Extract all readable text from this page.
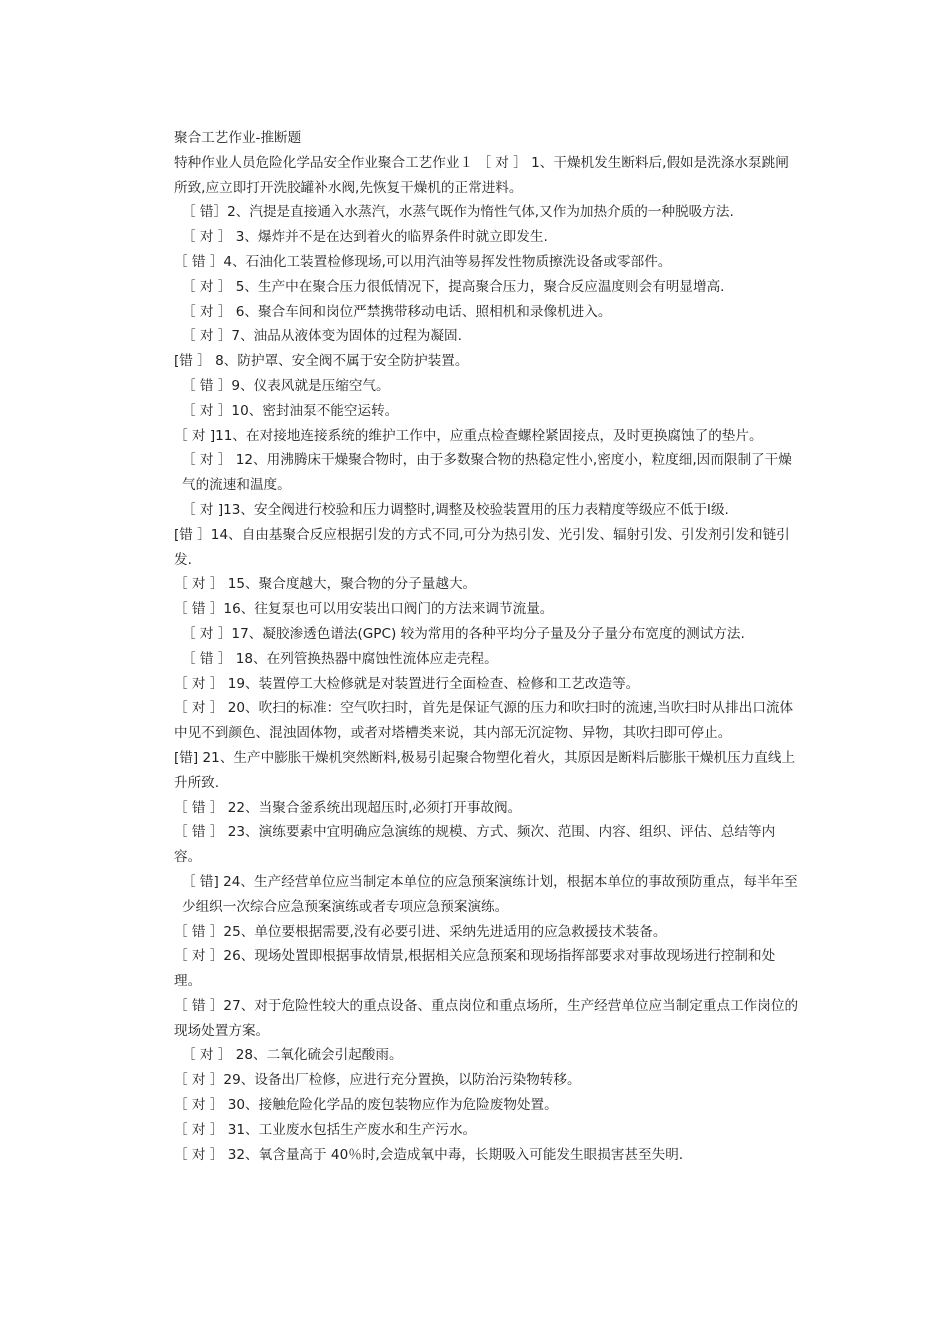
聚合工艺作业-推断题
特种作业人员危险化学品安全作业聚合工艺作业１ ［ 对 ］ 1、干燥机发生断料后,假如是洗涤水泵跳闸所致,应立即打开洗胶罐补水阀,先恢复干燥机的正常进料。
［ 错］2、汽提是直接通入水蒸汽，水蒸气既作为惰性气体,又作为加热介质的一种脱吸方法.
［ 对 ］ 3、爆炸并不是在达到着火的临界条件时就立即发生.
［ 错 ］4、石油化工装置检修现场,可以用汽油等易挥发性物质擦洗设备或零部件。
［ 对 ］ 5、生产中在聚合压力很低情况下，提高聚合压力，聚合反应温度则会有明显增高.
［ 对 ］ 6、聚合车间和岗位严禁携带移动电话、照相机和录像机进入。
［ 对 ］7、油品从液体变为固体的过程为凝固.
[错 ］ 8、防护罩、安全阀不属于安全防护装置。
［ 错 ］9、仪表风就是压缩空气。
［ 对 ］10、密封油泵不能空运转。
［ 对 ]11、在对接地连接系统的维护工作中，应重点检查螺栓紧固接点，及时更换腐蚀了的垫片。
［ 对 ］ 12、用沸腾床干燥聚合物时，由于多数聚合物的热稳定性小,密度小，粒度细,因而限制了干燥气的流速和温度。
［ 对 ]13、安全阀进行校验和压力调整时,调整及校验装置用的压力表精度等级应不低于Ⅰ级.
[错 ］14、自由基聚合反应根据引发的方式不同,可分为热引发、光引发、辐射引发、引发剂引发和链引发.
［ 对 ］ 15、聚合度越大，聚合物的分子量越大。
［ 错 ］16、往复泵也可以用安装出口阀门的方法来调节流量。
［ 对 ］17、凝胶渗透色谱法(GPC) 较为常用的各种平均分子量及分子量分布宽度的测试方法.
［ 错 ］ 18、在列管换热器中腐蚀性流体应走壳程。
［ 对 ］ 19、装置停工大检修就是对装置进行全面检查、检修和工艺改造等。
［ 对 ］ 20、吹扫的标准：空气吹扫时，首先是保证气源的压力和吹扫时的流速,当吹扫时从排出口流体中见不到颜色、混浊固体物，或者对塔槽类来说，其内部无沉淀物、异物，其吹扫即可停止。
[错] 21、生产中膨胀干燥机突然断料,极易引起聚合物塑化着火，其原因是断料后膨胀干燥机压力直线上升所致.
［ 错 ］ 22、当聚合釜系统出现超压时,必须打开事故阀。
［ 错 ］ 23、演练要素中宜明确应急演练的规模、方式、频次、范围、内容、组织、评估、总结等内容。
［ 错] 24、生产经营单位应当制定本单位的应急预案演练计划，根据本单位的事故预防重点，每半年至少组织一次综合应急预案演练或者专项应急预案演练。
［ 错 ］25、单位要根据需要,没有必要引进、采纳先进适用的应急救援技术装备。
［ 对 ］26、现场处置即根据事故情景,根据相关应急预案和现场指挥部要求对事故现场进行控制和处理。
［ 错 ］27、对于危险性较大的重点设备、重点岗位和重点场所，生产经营单位应当制定重点工作岗位的现场处置方案。
［ 对 ］ 28、二氧化硫会引起酸雨。
［ 对 ］29、设备出厂检修，应进行充分置换，以防治污染物转移。
［ 对 ］ 30、接触危险化学品的废包装物应作为危险废物处置。
［ 对 ］ 31、工业废水包括生产废水和生产污水。
［ 对 ］ 32、氧含量高于 40％时,会造成氧中毒，长期吸入可能发生眼损害甚至失明.
